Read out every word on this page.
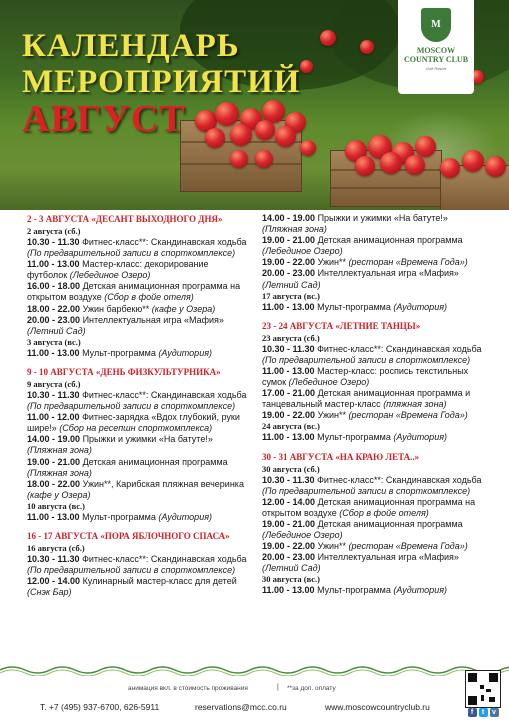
КАЛЕНДАРЬ
МЕРОПРИЯТИЙ
АВГУСТ
M
MOSCOW
COUNTRY CLUB
Golf Resort
2 - 3 АВГУСТА «ДЕСАНТ ВЫХОДНОГО ДНЯ»
2 августа (сб.)

10.30 - 11.30 Фитнес-класс**: Скандинавская ходьба (По предварительной записи в спорткомплексе)

11.00 - 13.00 Мастер-класс: декорирование футболок (Лебединое Озеро)

16.00 - 18.00 Детская анимационная программа на открытом воздухе (Сбор в фойе отеля)

18.00 - 22.00 Ужин барбекю** (кафе у Озера)

20.00 - 23.00 Интеллектуальная игра «Мафия» (Летний Сад)

3 августа (вс.)

11.00 - 13.00 Мульт-программа (Аудитория)

9 - 10 АВГУСТА «ДЕНЬ ФИЗКУЛЬТУРНИКА»
9 августа (сб.)

10.30 - 11.30 Фитнес-класс**: Скандинавская ходьба (По предварительной записи в спорткомплексе)

11.00 - 12.00 Фитнес-зарядка «Вдох глубокий, руки шире!» (Сбор на ресепшн спорткомплекса)

14.00 - 19.00 Прыжки и ужимки «На батуте!» (Пляжная зона)

19.00 - 21.00 Детская анимационная программа (Пляжная зона)

18.00 - 22.00 Ужин**, Карибская пляжная вечеринка (кафе у Озера)

10 августа (вс.)

11.00 - 13.00 Мульт-программа (Аудитория)

16 - 17 АВГУСТА «ПОРА ЯБЛОЧНОГО СПАСА»
16 августа (сб.)

10.30 - 11.30 Фитнес-класс**: Скандинавская ходьба (По предварительной записи в спорткомплексе)

12.00 - 14.00 Кулинарный мастер-класс для детей (Снэк Бар)

14.00 - 19.00 Прыжки и ужимки «На батуте!» (Пляжная зона)

19.00 - 21.00 Детская анимационная программа (Лебединое Озеро)

19.00 - 22.00 Ужин** (ресторан «Времена Года»)

20.00 - 23.00 Интеллектуальная игра «Мафия» (Летний Сад)

17 августа (вс.)

11.00 - 13.00 Мульт-программа (Аудитория)

23 - 24 АВГУСТА «ЛЕТНИЕ ТАНЦЫ»
23 августа (сб.)

10.30 - 11.30 Фитнес-класс**: Скандинавская ходьба (По предварительной записи в спорткомплексе)

11.00 - 13.00 Мастер-класс: роспись текстильных сумок (Лебединое Озеро)

17.00 - 21.00 Детская анимационная программа и танцевальный мастер-класс (пляжная зона)

19.00 - 22.00 Ужин** (ресторан «Времена Года»)

24 августа (вс.)

11.00 - 13.00 Мульт-программа (Аудитория)

30 - 31 АВГУСТА «НА КРАЮ ЛЕТА..»
30 августа (сб.)

10.30 - 11.30 Фитнес-класс**: Скандинавская ходьба (По предварительной записи в спорткомплексе)

12.00 - 14.00 Детская анимационная программа на открытом воздухе (Сбор в фойе отеля)

19.00 - 21.00 Детская анимационная программа (Лебединое Озеро)

19.00 - 22.00 Ужин** (ресторан «Времена Года»)

20.00 - 23.00 Интеллектуальная игра «Мафия» (Летний Сад)

30 августа (вс.)

11.00 - 13.00 Мульт-программа (Аудитория)

анимация вкл. в стоимость проживания	| **за доп. оплату
Т. +7 (495) 937-6700, 626-5911	reservations@mcc.co.ru	www.moscowcountryclub.ru
f	t	v
